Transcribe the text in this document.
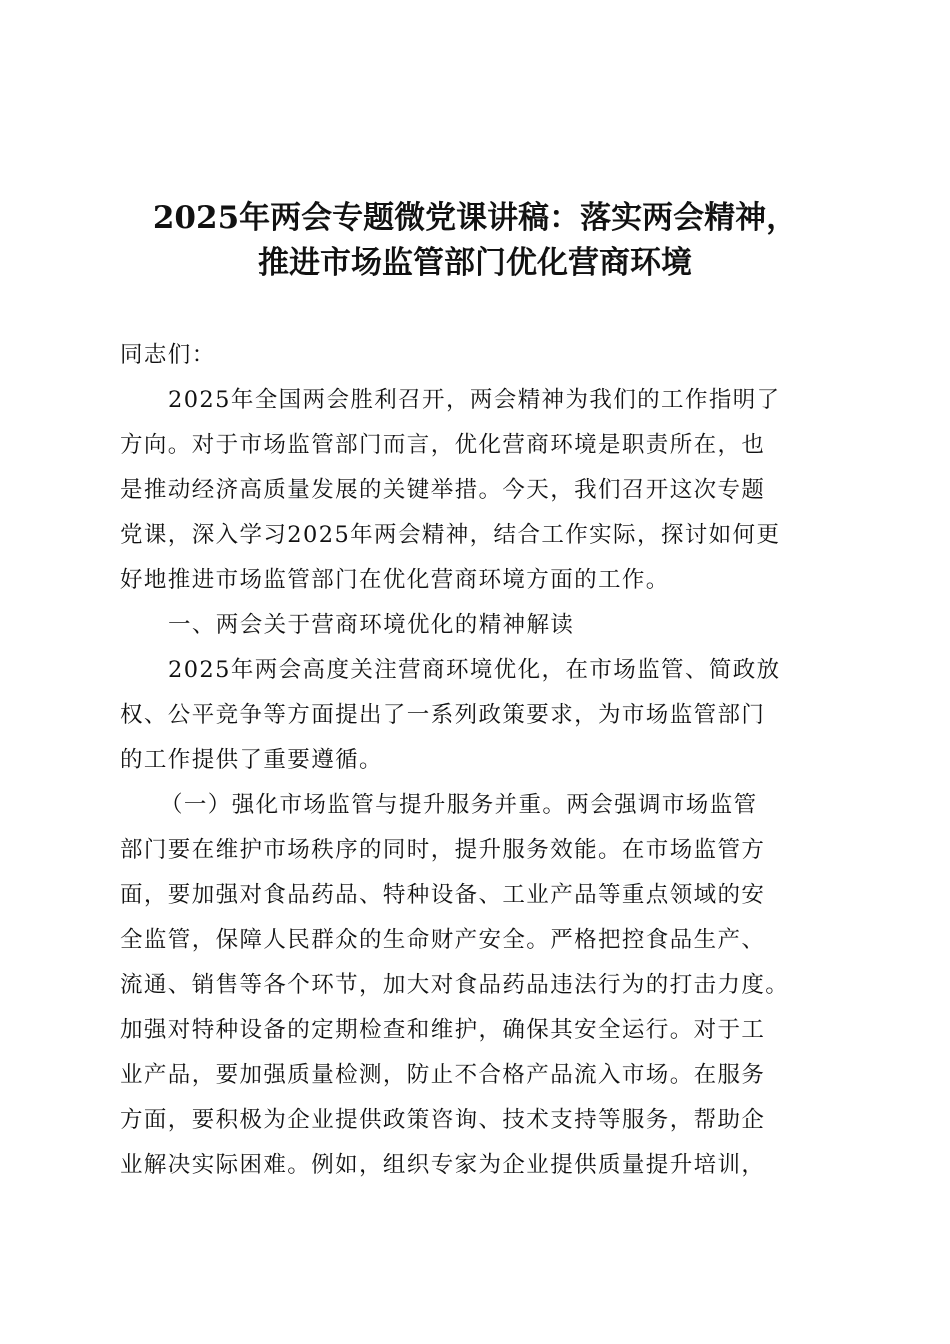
2025年两会专题微党课讲稿：落实两会精神，
推进市场监管部门优化营商环境
同志们：
2025年全国两会胜利召开，两会精神为我们的工作指明了
方向。对于市场监管部门而言，优化营商环境是职责所在，也
是推动经济高质量发展的关键举措。今天，我们召开这次专题
党课，深入学习2025年两会精神，结合工作实际，探讨如何更
好地推进市场监管部门在优化营商环境方面的工作。
一、两会关于营商环境优化的精神解读
2025年两会高度关注营商环境优化，在市场监管、简政放
权、公平竞争等方面提出了一系列政策要求，为市场监管部门
的工作提供了重要遵循。
（一）强化市场监管与提升服务并重。两会强调市场监管
部门要在维护市场秩序的同时，提升服务效能。在市场监管方
面，要加强对食品药品、特种设备、工业产品等重点领域的安
全监管，保障人民群众的生命财产安全。严格把控食品生产、
流通、销售等各个环节，加大对食品药品违法行为的打击力度。
加强对特种设备的定期检查和维护，确保其安全运行。对于工
业产品，要加强质量检测，防止不合格产品流入市场。在服务
方面，要积极为企业提供政策咨询、技术支持等服务，帮助企
业解决实际困难。例如，组织专家为企业提供质量提升培训，
